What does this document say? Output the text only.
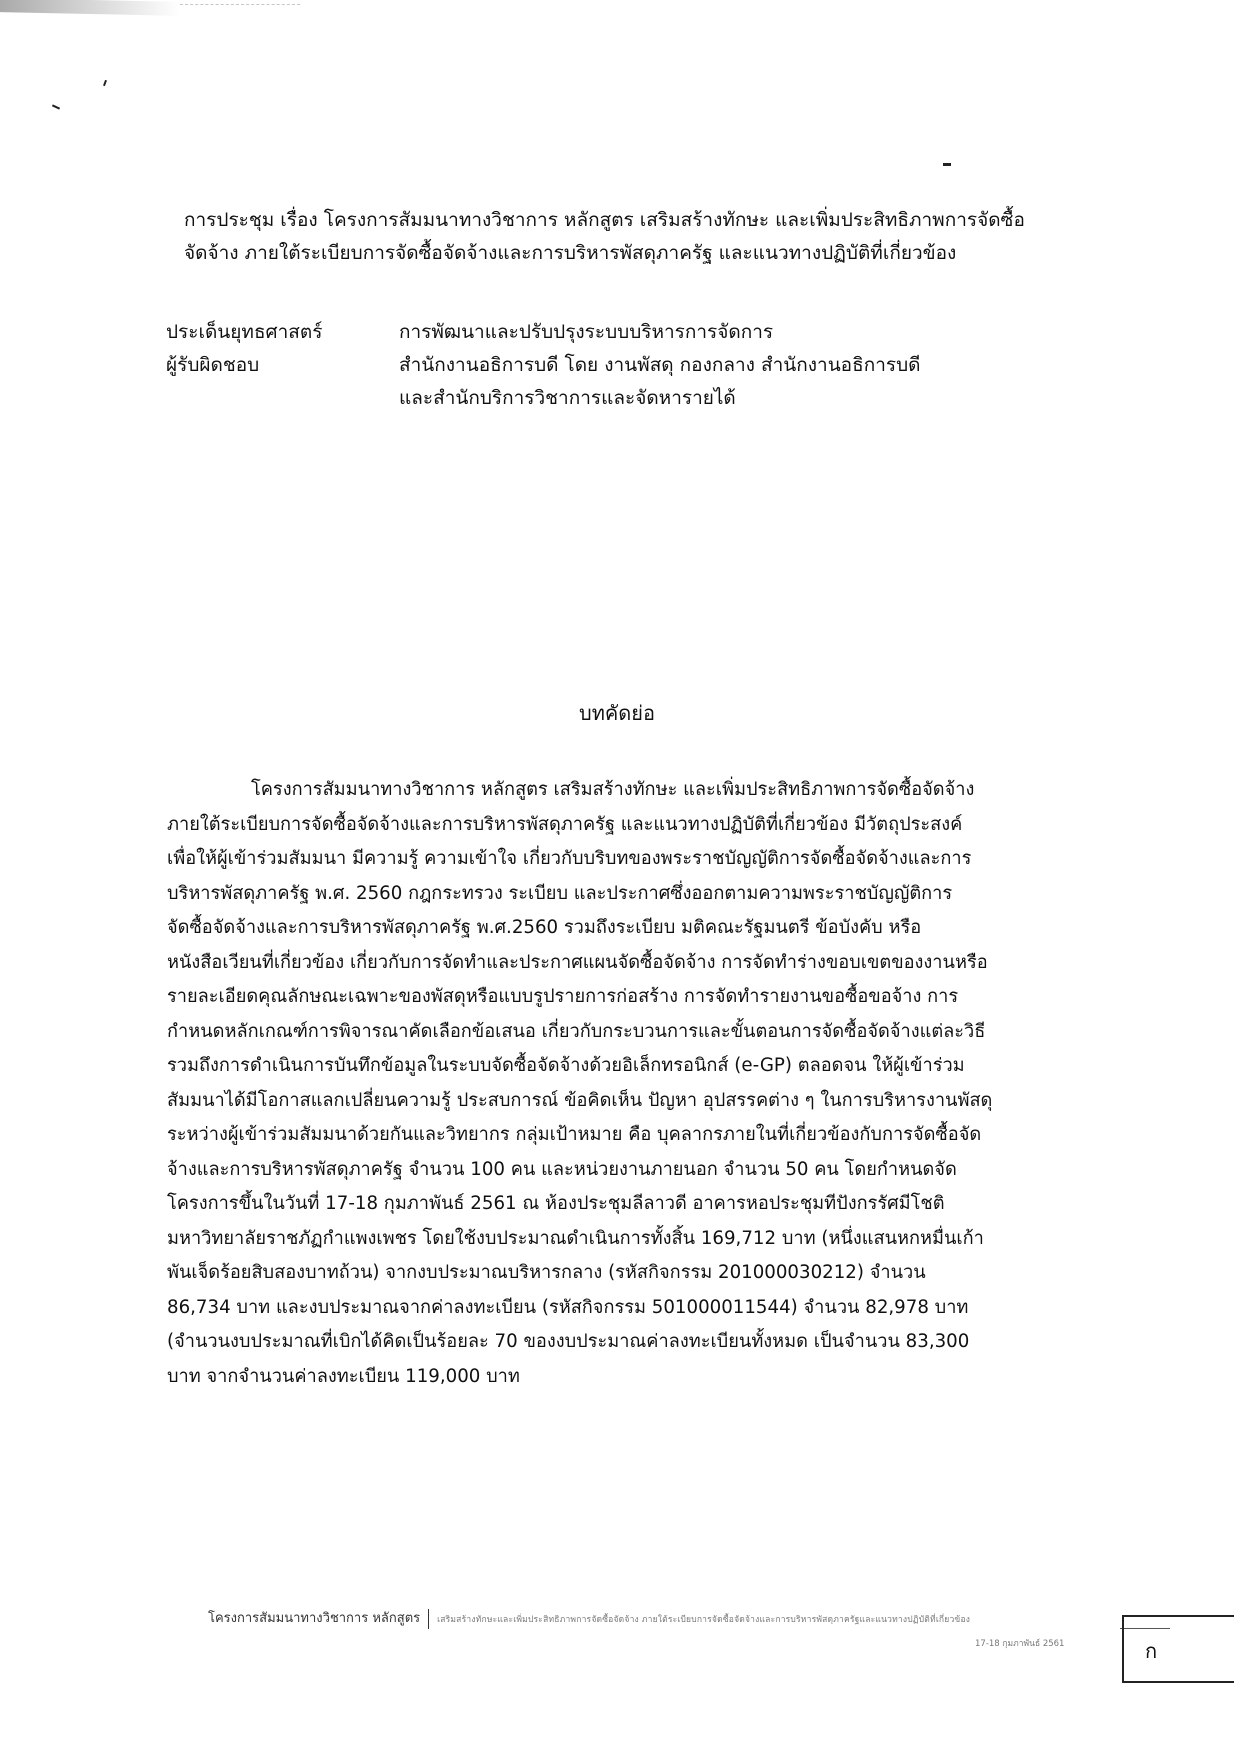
การประชุม เรื่อง โครงการสัมมนาทางวิชาการ หลักสูตร เสริมสร้างทักษะ และเพิ่มประสิทธิภาพการจัดซื้อ
จัดจ้าง ภายใต้ระเบียบการจัดซื้อจัดจ้างและการบริหารพัสดุภาครัฐ และแนวทางปฏิบัติที่เกี่ยวข้อง
ประเด็นยุทธศาสตร์	การพัฒนาและปรับปรุงระบบบริหารการจัดการ
ผู้รับผิดชอบ	สำนักงานอธิการบดี โดย งานพัสดุ กองกลาง สำนักงานอธิการบดี
และสำนักบริการวิชาการและจัดหารายได้
บทคัดย่อ
โครงการสัมมนาทางวิชาการ หลักสูตร เสริมสร้างทักษะ และเพิ่มประสิทธิภาพการจัดซื้อจัดจ้าง
ภายใต้ระเบียบการจัดซื้อจัดจ้างและการบริหารพัสดุภาครัฐ และแนวทางปฏิบัติที่เกี่ยวข้อง มีวัตถุประสงค์
เพื่อให้ผู้เข้าร่วมสัมมนา มีความรู้ ความเข้าใจ เกี่ยวกับบริบทของพระราชบัญญัติการจัดซื้อจัดจ้างและการ
บริหารพัสดุภาครัฐ พ.ศ. 2560 กฎกระทรวง ระเบียบ และประกาศซึ่งออกตามความพระราชบัญญัติการ
จัดซื้อจัดจ้างและการบริหารพัสดุภาครัฐ พ.ศ.2560 รวมถึงระเบียบ มติคณะรัฐมนตรี ข้อบังคับ หรือ
หนังสือเวียนที่เกี่ยวข้อง เกี่ยวกับการจัดทำและประกาศแผนจัดซื้อจัดจ้าง การจัดทำร่างขอบเขตของงานหรือ
รายละเอียดคุณลักษณะเฉพาะของพัสดุหรือแบบรูปรายการก่อสร้าง การจัดทำรายงานขอซื้อขอจ้าง การ
กำหนดหลักเกณฑ์การพิจารณาคัดเลือกข้อเสนอ เกี่ยวกับกระบวนการและขั้นตอนการจัดซื้อจัดจ้างแต่ละวิธี
รวมถึงการดำเนินการบันทึกข้อมูลในระบบจัดซื้อจัดจ้างด้วยอิเล็กทรอนิกส์ (e-GP) ตลอดจน ให้ผู้เข้าร่วม
สัมมนาได้มีโอกาสแลกเปลี่ยนความรู้ ประสบการณ์ ข้อคิดเห็น ปัญหา อุปสรรคต่าง ๆ ในการบริหารงานพัสดุ
ระหว่างผู้เข้าร่วมสัมมนาด้วยกันและวิทยากร กลุ่มเป้าหมาย คือ บุคลากรภายในที่เกี่ยวข้องกับการจัดซื้อจัด
จ้างและการบริหารพัสดุภาครัฐ จำนวน 100 คน และหน่วยงานภายนอก จำนวน 50 คน โดยกำหนดจัด
โครงการขึ้นในวันที่ 17-18 กุมภาพันธ์ 2561 ณ ห้องประชุมลีลาวดี อาคารหอประชุมทีปังกรรัศมีโชติ
มหาวิทยาลัยราชภัฏกำแพงเพชร โดยใช้งบประมาณดำเนินการทั้งสิ้น 169,712 บาท (หนึ่งแสนหกหมื่นเก้า
พันเจ็ดร้อยสิบสองบาทถ้วน) จากงบประมาณบริหารกลาง (รหัสกิจกรรม 201000030212) จำนวน
86,734 บาท และงบประมาณจากค่าลงทะเบียน (รหัสกิจกรรม 501000011544) จำนวน 82,978 บาท
(จำนวนงบประมาณที่เบิกได้คิดเป็นร้อยละ 70 ของงบประมาณค่าลงทะเบียนทั้งหมด เป็นจำนวน 83,300
บาท จากจำนวนค่าลงทะเบียน 119,000 บาท
โครงการสัมมนาทางวิชาการ หลักสูตร เสริมสร้างทักษะและเพิ่มประสิทธิภาพการจัดซื้อจัดจ้าง ภายใต้ระเบียบการจัดซื้อจัดจ้างและการบริหารพัสดุภาครัฐและแนวทางปฏิบัติที่เกี่ยวข้อง
17-18 กุมภาพันธ์ 2561	ก
